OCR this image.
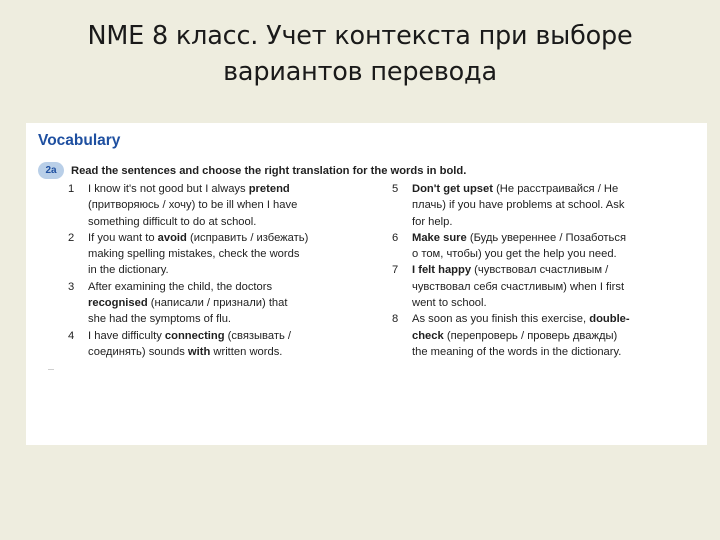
NME 8 класс. Учет контекста при выборе
вариантов перевода
Vocabulary
2a	Read the sentences and choose the right translation for the words in bold.
1	I know it's not good but I always pretend
(притворяюсь / хочу) to be ill when I have
something difficult to do at school.
2	If you want to avoid (исправить / избежать)
making spelling mistakes, check the words
in the dictionary.
3	After examining the child, the doctors
recognised (написали / признали) that
she had the symptoms of flu.
4	I have difficulty connecting (связывать /
соединять) sounds with written words.
5	Don't get upset (Не расстраивайся / Не
плачь) if you have problems at school. Ask
for help.
6	Make sure (Будь увереннее / Позаботься
о том, чтобы) you get the help you need.
7	I felt happy (чувствовал счастливым /
чувствовал себя счастливым) when I first
went to school.
8	As soon as you finish this exercise, double-
check (перепроверь / проверь дважды)
the meaning of the words in the dictionary.
